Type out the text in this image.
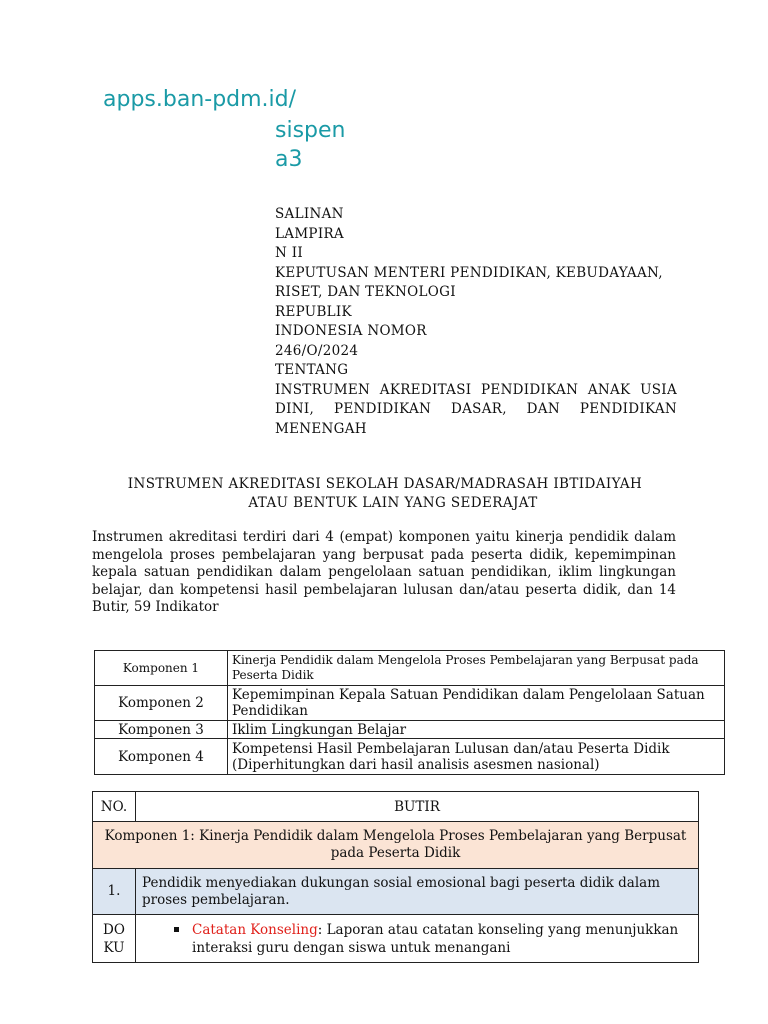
apps.ban-pdm.id/
sispen
a3
SALINAN
LAMPIRA
N II
KEPUTUSAN MENTERI PENDIDIKAN, KEBUDAYAAN,
RISET, DAN TEKNOLOGI
REPUBLIK
INDONESIA NOMOR
246/O/2024
TENTANG
INSTRUMEN AKREDITASI PENDIDIKAN ANAK USIA DINI, PENDIDIKAN DASAR, DAN PENDIDIKAN MENENGAH
INSTRUMEN AKREDITASI SEKOLAH DASAR/MADRASAH IBTIDAIYAH
ATAU BENTUK LAIN YANG SEDERAJAT
Instrumen akreditasi terdiri dari 4 (empat) komponen yaitu kinerja pendidik dalam mengelola proses pembelajaran yang berpusat pada peserta didik, kepemimpinan kepala satuan pendidikan dalam pengelolaan satuan pendidikan, iklim lingkungan belajar, dan kompetensi hasil pembelajaran lulusan dan/atau peserta didik, dan 14 Butir, 59 Indikator
Komponen 1	Kinerja Pendidik dalam Mengelola Proses Pembelajaran yang Berpusat pada Peserta Didik
Komponen 2	Kepemimpinan Kepala Satuan Pendidikan dalam Pengelolaan Satuan Pendidikan
Komponen 3	Iklim Lingkungan Belajar
Komponen 4	Kompetensi Hasil Pembelajaran Lulusan dan/atau Peserta Didik (Diperhitungkan dari hasil analisis asesmen nasional)
NO.	BUTIR
Komponen 1: Kinerja Pendidik dalam Mengelola Proses Pembelajaran yang Berpusat pada Peserta Didik	
1.	Pendidik menyediakan dukungan sosial emosional bagi peserta didik dalam proses pembelajaran.

DO
KU	Catatan Konseling: Laporan atau catatan konseling yang menunjukkan interaksi guru dengan siswa untuk menangani
